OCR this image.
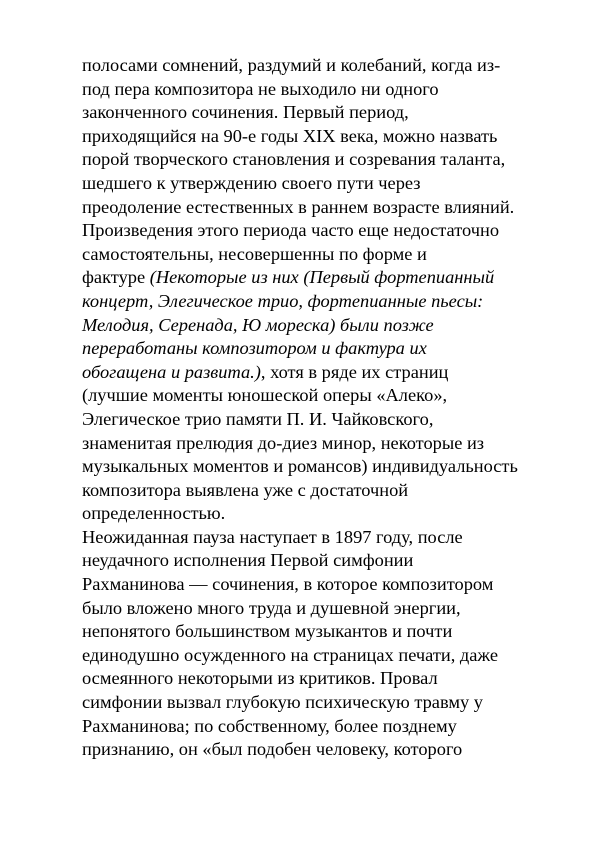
полосами сомнений, раздумий и колебаний, когда из-
под пера композитора не выходило ни одного
законченного сочинения. Первый период,
приходящийся на 90-е годы XIX века, можно назвать
порой творческого становления и созревания таланта,
шедшего к утверждению своего пути через
преодоление естественных в раннем возрасте влияний.
Произведения этого периода часто еще недостаточно
самостоятельны, несовершенны по форме и
фактуре (Некоторые из них (Первый фортепианный
концерт, Элегическое трио, фортепианные пьесы:
Мелодия, Серенада, Ю мореска) были позже
переработаны композитором и фактура их
обогащена и развита.), хотя в ряде их страниц
(лучшие моменты юношеской оперы «Алеко»,
Элегическое трио памяти П. И. Чайковского,
знаменитая прелюдия до-диез минор, некоторые из
музыкальных моментов и романсов) индивидуальность
композитора выявлена уже с достаточной
определенностью.
Неожиданная пауза наступает в 1897 году, после
неудачного исполнения Первой симфонии
Рахманинова — сочинения, в которое композитором
было вложено много труда и душевной энергии,
непонятого большинством музыкантов и почти
единодушно осужденного на страницах печати, даже
осмеянного некоторыми из критиков. Провал
симфонии вызвал глубокую психическую травму у
Рахманинова; по собственному, более позднему
признанию, он «был подобен человеку, которого
